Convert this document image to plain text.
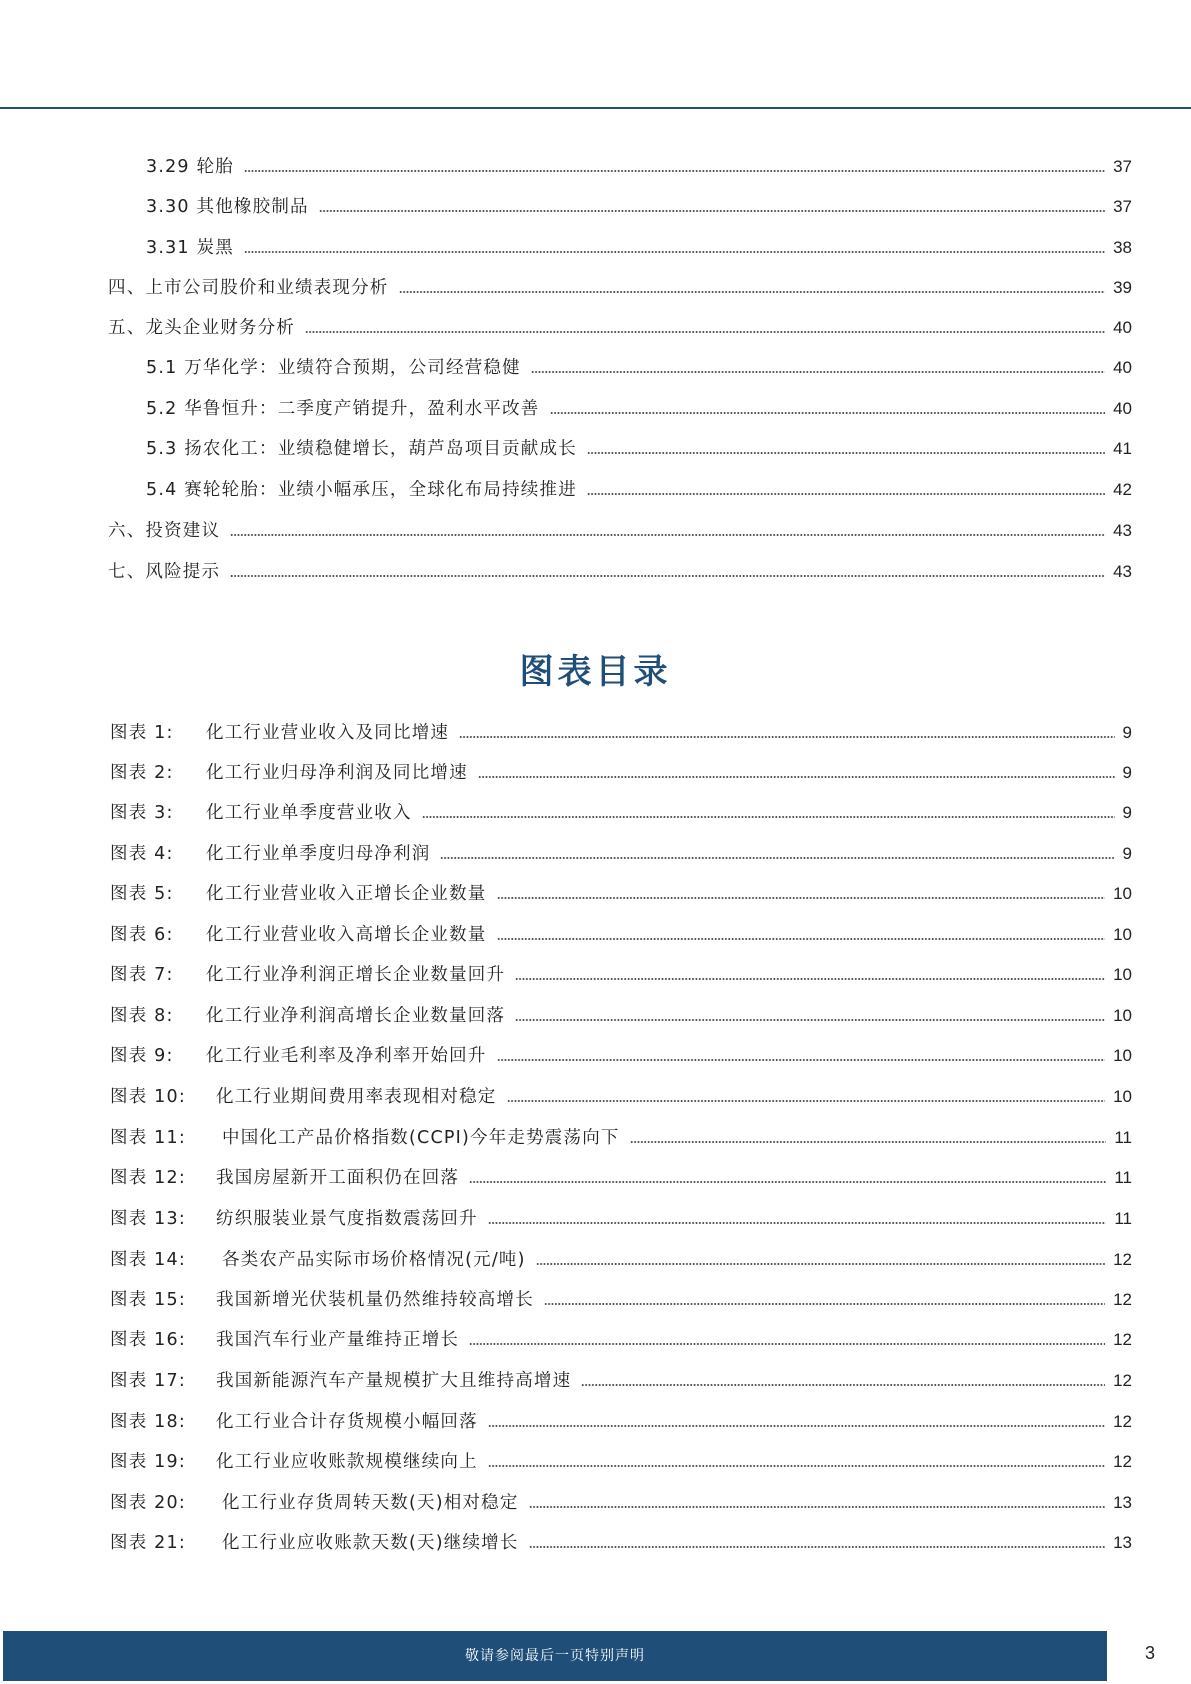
3.29 轮胎	37
3.30 其他橡胶制品	37
3.31 炭黑	38
四、上市公司股价和业绩表现分析	39
五、龙头企业财务分析	40
5.1 万华化学：业绩符合预期，公司经营稳健	40
5.2 华鲁恒升：二季度产销提升，盈利水平改善	40
5.3 扬农化工：业绩稳健增长，葫芦岛项目贡献成长	41
5.4 赛轮轮胎：业绩小幅承压，全球化布局持续推进	42
六、投资建议	43
七、风险提示	43
图表目录
图表 1: 化工行业营业收入及同比增速	9
图表 2: 化工行业归母净利润及同比增速	9
图表 3: 化工行业单季度营业收入	9
图表 4: 化工行业单季度归母净利润	9
图表 5: 化工行业营业收入正增长企业数量	10
图表 6: 化工行业营业收入高增长企业数量	10
图表 7: 化工行业净利润正增长企业数量回升	10
图表 8: 化工行业净利润高增长企业数量回落	10
图表 9: 化工行业毛利率及净利率开始回升	10
图表 10: 化工行业期间费用率表现相对稳定	10
图表 11: 中国化工产品价格指数(CCPI)今年走势震荡向下	11
图表 12: 我国房屋新开工面积仍在回落	11
图表 13: 纺织服装业景气度指数震荡回升	11
图表 14: 各类农产品实际市场价格情况(元/吨)	12
图表 15: 我国新增光伏装机量仍然维持较高增长	12
图表 16: 我国汽车行业产量维持正增长	12
图表 17: 我国新能源汽车产量规模扩大且维持高增速	12
图表 18: 化工行业合计存货规模小幅回落	12
图表 19: 化工行业应收账款规模继续向上	12
图表 20: 化工行业存货周转天数(天)相对稳定	13
图表 21: 化工行业应收账款天数(天)继续增长	13
敬请参阅最后一页特别声明	3
